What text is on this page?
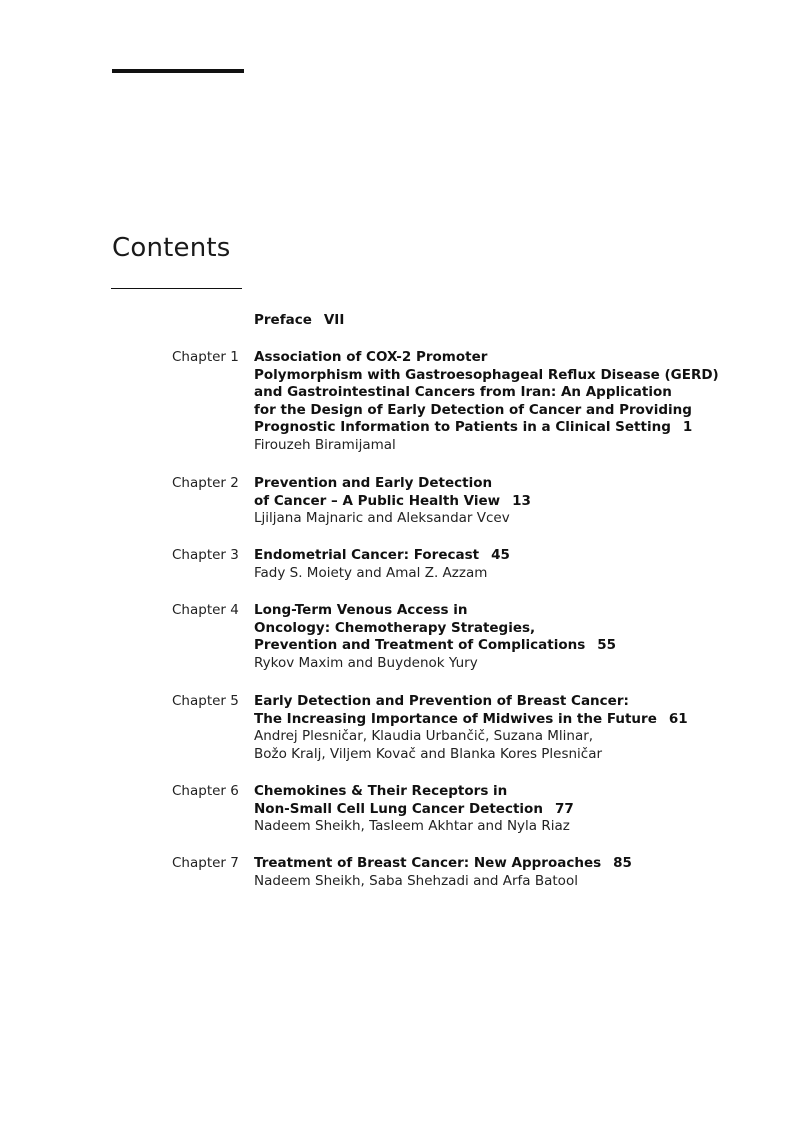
Contents
Preface VII
Chapter 1	Association of COX-2 Promoter
Polymorphism with Gastroesophageal Reflux Disease (GERD)
and Gastrointestinal Cancers from Iran: An Application
for the Design of Early Detection of Cancer and Providing
Prognostic Information to Patients in a Clinical Setting 1
Firouzeh Biramijamal
Chapter 2	Prevention and Early Detection
of Cancer – A Public Health View 13
Ljiljana Majnaric and Aleksandar Vcev
Chapter 3	Endometrial Cancer: Forecast 45
Fady S. Moiety and Amal Z. Azzam
Chapter 4	Long-Term Venous Access in
Oncology: Chemotherapy Strategies,
Prevention and Treatment of Complications 55
Rykov Maxim and Buydenok Yury
Chapter 5	Early Detection and Prevention of Breast Cancer:
The Increasing Importance of Midwives in the Future 61
Andrej Plesničar, Klaudia Urbančič, Suzana Mlinar,
Božo Kralj, Viljem Kovač and Blanka Kores Plesničar
Chapter 6	Chemokines & Their Receptors in
Non-Small Cell Lung Cancer Detection 77
Nadeem Sheikh, Tasleem Akhtar and Nyla Riaz
Chapter 7	Treatment of Breast Cancer: New Approaches 85
Nadeem Sheikh, Saba Shehzadi and Arfa Batool
